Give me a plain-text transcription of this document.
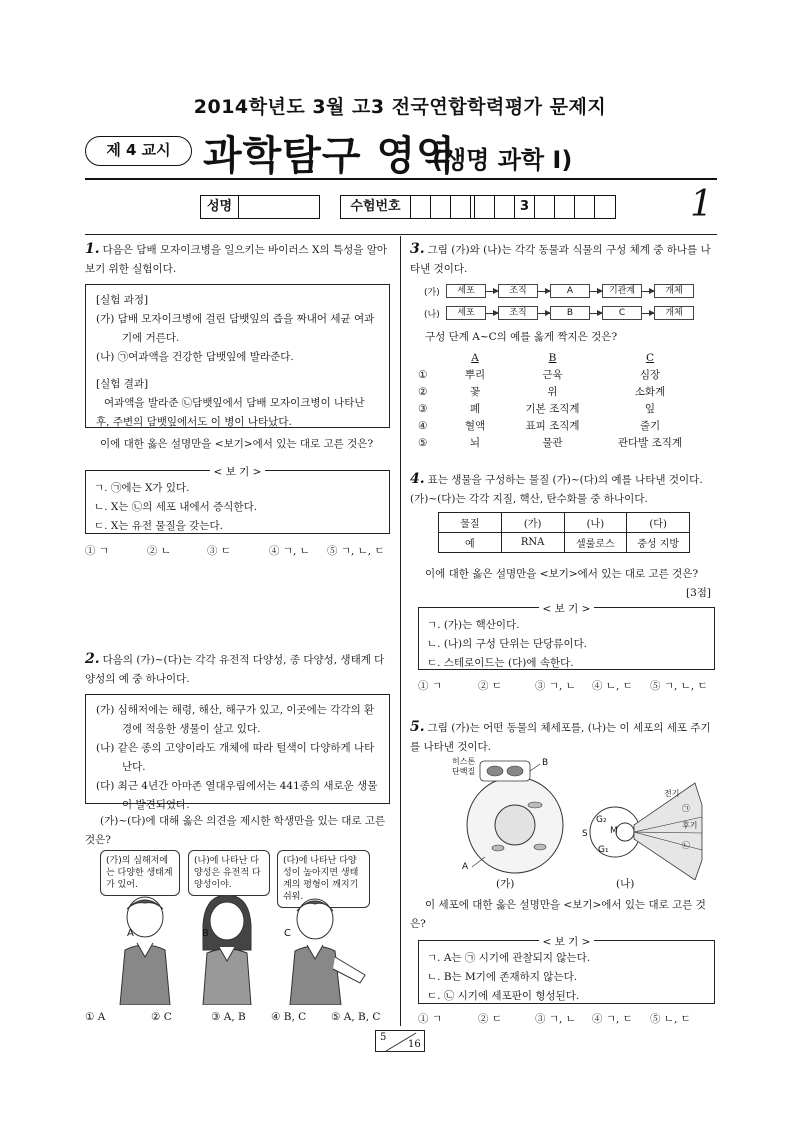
2014학년도 3월 고3 전국연합학력평가 문제지
제 4 교시 과학탐구 영역
(생명 과학 Ⅰ)
성명	수험번호	3	1
1. 다음은 담배 모자이크병을 일으키는 바이러스 X의 특성을 알아보기 위한 실험이다.
[실험 과정]
(가) 담배 모자이크병에 걸린 담뱃잎의 즙을 짜내어 세균 여과기에 거른다.
(나) ㉠여과액을 건강한 담뱃잎에 발라준다.
[실험 결과]
여과액을 발라준 ㉡담뱃잎에서 담배 모자이크병이 나타난 후, 주변의 담뱃잎에서도 이 병이 나타났다.
이에 대한 옳은 설명만을 <보기>에서 있는 대로 고른 것은?
< 보 기 >
ㄱ. ㉠에는 X가 있다.
ㄴ. X는 ㉡의 세포 내에서 증식한다.
ㄷ. X는 유전 물질을 갖는다.
① ㄱ	② ㄴ	③ ㄷ	④ ㄱ, ㄴ	⑤ ㄱ, ㄴ, ㄷ
2. 다음의 (가)~(다)는 각각 유전적 다양성, 종 다양성, 생태계 다양성의 예 중 하나이다.
(가) 심해저에는 해령, 해산, 해구가 있고, 이곳에는 각각의 환경에 적응한 생물이 살고 있다.
(나) 같은 종의 고양이라도 개체에 따라 털색이 다양하게 나타난다.
(다) 최근 4년간 아마존 열대우림에서는 441종의 새로운 생물이 발견되었다.
(가)~(다)에 대해 옳은 의견을 제시한 학생만을 있는 대로 고른 것은?
(가)의 심해저에는 다양한 생태계가 있어.
(나)에 나타난 다양성은 유전적 다양성이야.
(다)에 나타난 다양성이 높아지면 생태계의 평형이 깨지기 쉬워.
A	B	C
① A	② C	③ A, B	④ B, C	⑤ A, B, C
3. 그림 (가)와 (나)는 각각 동물과 식물의 구성 체계 중 하나를 나타낸 것이다.
(가)	세포	조직	A	기관계	개체
(나)	세포	조직	B	C	개체
구성 단계 A~C의 예를 옳게 짝지은 것은?
A	B	C
①	뿌리	근육	심장
②	꽃	위	소화계
③	폐	기본 조직계	잎
④	혈액	표피 조직계	줄기
⑤	뇌	물관	관다발 조직계
4. 표는 생물을 구성하는 물질 (가)~(다)의 예를 나타낸 것이다. (가)~(다)는 각각 지질, 핵산, 탄수화물 중 하나이다.
물질	(가)	(나)	(다)
예	RNA	셀룰로스	중성 지방
이에 대한 옳은 설명만을 <보기>에서 있는 대로 고른 것은?
[3점]
< 보 기 >
ㄱ. (가)는 핵산이다.
ㄴ. (나)의 구성 단위는 단당류이다.
ㄷ. 스테로이드는 (다)에 속한다.
① ㄱ	② ㄷ	③ ㄱ, ㄴ	④ ㄴ, ㄷ	⑤ ㄱ, ㄴ, ㄷ
5. 그림 (가)는 어떤 동물의 체세포를, (나)는 이 세포의 세포 주기를 나타낸 것이다.
히스톤
단백질
B
A
전기
㉠
후기
㉡
G₂
S M
G₁
(가)	(나)
이 세포에 대한 옳은 설명만을 <보기>에서 있는 대로 고른 것은?
< 보 기 >
ㄱ. A는 ㉠ 시기에 관찰되지 않는다.
ㄴ. B는 M기에 존재하지 않는다.
ㄷ. ㉡ 시기에 세포판이 형성된다.
① ㄱ	② ㄷ	③ ㄱ, ㄴ	④ ㄱ, ㄷ	⑤ ㄴ, ㄷ
5
16
